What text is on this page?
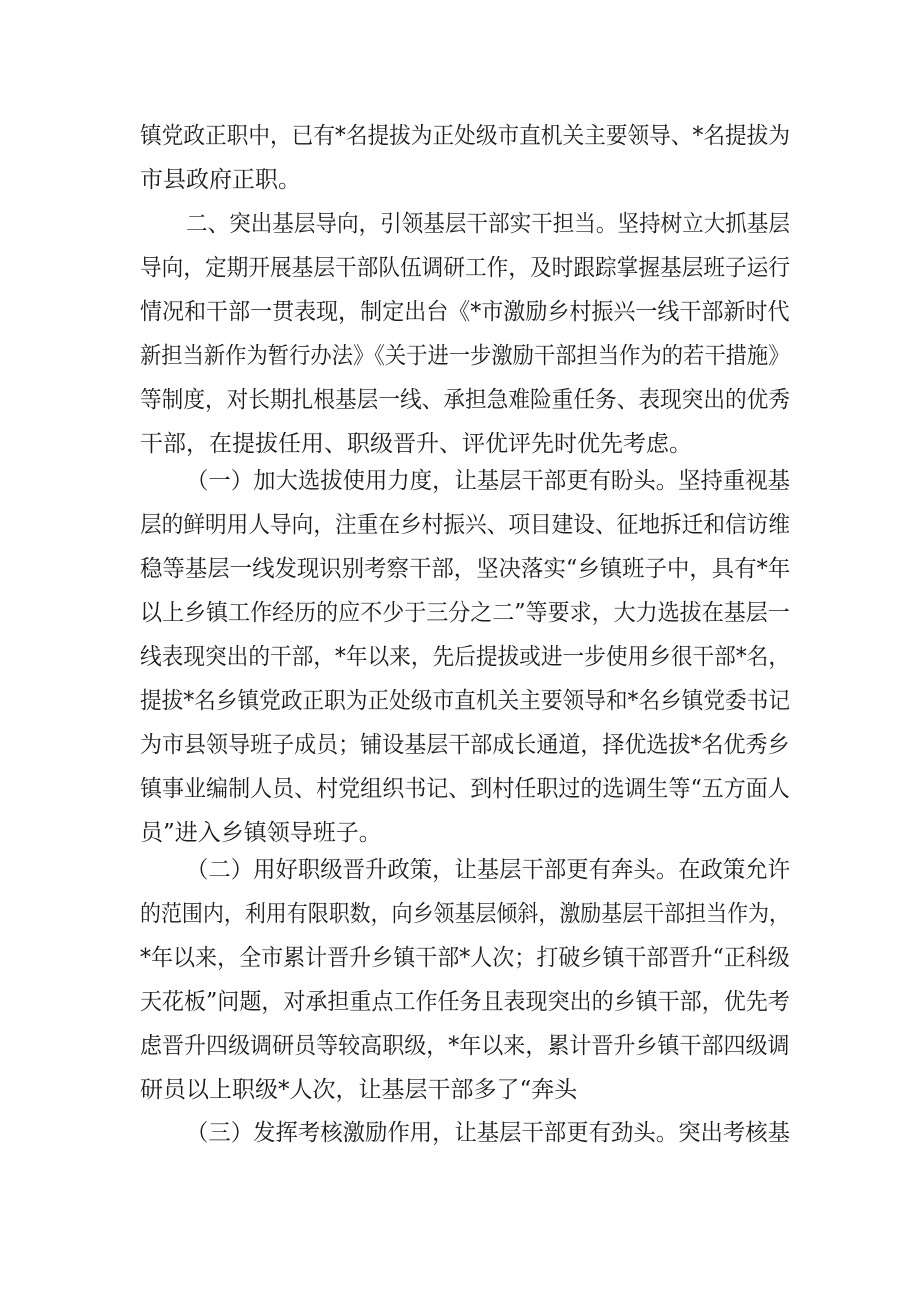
镇党政正职中，已有*名提拔为正处级市直机关主要领导、*名提拔为
市县政府正职。
二、突出基层导向，引领基层干部实干担当。坚持树立大抓基层
导向，定期开展基层干部队伍调研工作，及时跟踪掌握基层班子运行
情况和干部一贯表现，制定出台《*市激励乡村振兴一线干部新时代
新担当新作为暂行办法》《关于进一步激励干部担当作为的若干措施》
等制度，对长期扎根基层一线、承担急难险重任务、表现突出的优秀
干部，在提拔任用、职级晋升、评优评先时优先考虑。
（一）加大选拔使用力度，让基层干部更有盼头。坚持重视基
层的鲜明用人导向，注重在乡村振兴、项目建设、征地拆迁和信访维
稳等基层一线发现识别考察干部，坚决落实“乡镇班子中，具有*年
以上乡镇工作经历的应不少于三分之二”等要求，大力选拔在基层一
线表现突出的干部，*年以来，先后提拔或进一步使用乡很干部*名，
提拔*名乡镇党政正职为正处级市直机关主要领导和*名乡镇党委书记
为市县领导班子成员；铺设基层干部成长通道，择优选拔*名优秀乡
镇事业编制人员、村党组织书记、到村任职过的选调生等“五方面人
员”进入乡镇领导班子。
（二）用好职级晋升政策，让基层干部更有奔头。在政策允许
的范围内，利用有限职数，向乡领基层倾斜，激励基层干部担当作为，
*年以来，全市累计晋升乡镇干部*人次；打破乡镇干部晋升“正科级
天花板”问题，对承担重点工作任务且表现突出的乡镇干部，优先考
虑晋升四级调研员等较高职级，*年以来，累计晋升乡镇干部四级调
研员以上职级*人次，让基层干部多了“奔头
（三）发挥考核激励作用，让基层干部更有劲头。突出考核基
